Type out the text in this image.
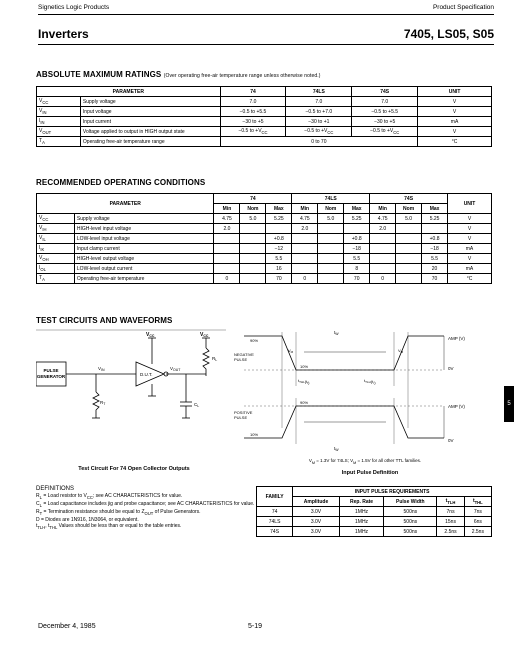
Signetics Logic Products	Product Specification
Inverters	7405, LS05, S05
ABSOLUTE MAXIMUM RATINGS (Over operating free-air temperature range unless otherwise noted.)
PARAMETER		74	74LS	74S	UNIT
$V_{CC}$	Supply voltage	7.0	7.0	7.0	V
$V_{IN}$	Input voltage	−0.5 to +5.5	−0.5 to +7.0	−0.5 to +5.5	V
$I_{IN}$	Input current	−30 to +5	−30 to +1	−30 to +5	mA
$V_{OUT}$	Voltage applied to output in HIGH output state	−0.5 to $+V_{CC}$	−0.5 to $+V_{CC}$	−0.5 to $+V_{CC}$	V
$T_A$	Operating free-air temperature range	0 to 70			°C
RECOMMENDED OPERATING CONDITIONS
PARAMETER		74			74LS			74S			UNIT
		Min	Nom	Max	Min	Nom	Max	Min	Nom	Max	
$V_{CC}$	Supply voltage	4.75	5.0	5.25	4.75	5.0	5.25	4.75	5.0	5.25	V
$V_{IH}$	HIGH-level input voltage	2.0			2.0			2.0			V
$V_{IL}$	LOW-level input voltage			+0.8			+0.8			+0.8	V
$I_{IK}$	Input clamp current			−12			−18			−18	mA
$V_{OH}$	HIGH-level output voltage			5.5			5.5			5.5	V
$I_{OL}$	LOW-level output current			16			8			20	mA
$T_A$	Operating free-air temperature	0		70	0		70	0		70	°C
TEST CIRCUITS AND WAVEFORMS
PULSE
GENERATOR
$V_{CC}$	$V_{CC}$
$V_{IN}$	$V_{OUT}$
D.U.T.
$R_T$
$R_L$
$C_L$
$t_W$
AMP (V)
NEGATIVE
PULSE
0V
90%
10%
$V_M$	$V_M$
$t_{THL}(t_f)$	$t_{TLH}(t_r)$
POSITIVE
PULSE
AMP (V)
90%
10%
$t_W$
0V
$V_M = 1.3V$ for 74LS; $V_M = 1.5V$ for all other TTL families.
Test Circuit For 74 Open Collector Outputs
Input Pulse Definition
DEFINITIONS
$R_L$ = Load resistor to $V_{CC}$; see AC CHARACTERISTICS for value.
$C_L$ = Load capacitance includes jig and probe capacitance; see AC CHARACTERISTICS for value.
$R_T$ = Termination resistance should be equal to $Z_{OUT}$ of Pulse Generators.
D = Diodes are 1N916, 1N3064, or equivalent.
$t_{TLH}$, $t_{THL}$ Values should be less than or equal to the table entries.
FAMILY	INPUT PULSE REQUIREMENTS				
	Amplitude	Rep. Rate	Pulse Width	$t_{TLH}$	$t_{THL}$
74	3.0V	1MHz	500ns	7ns	7ns
74LS	3.0V	1MHz	500ns	15ns	6ns
74S	3.0V	1MHz	500ns	2.5ns	2.5ns
5
December 4, 1985	5-19
